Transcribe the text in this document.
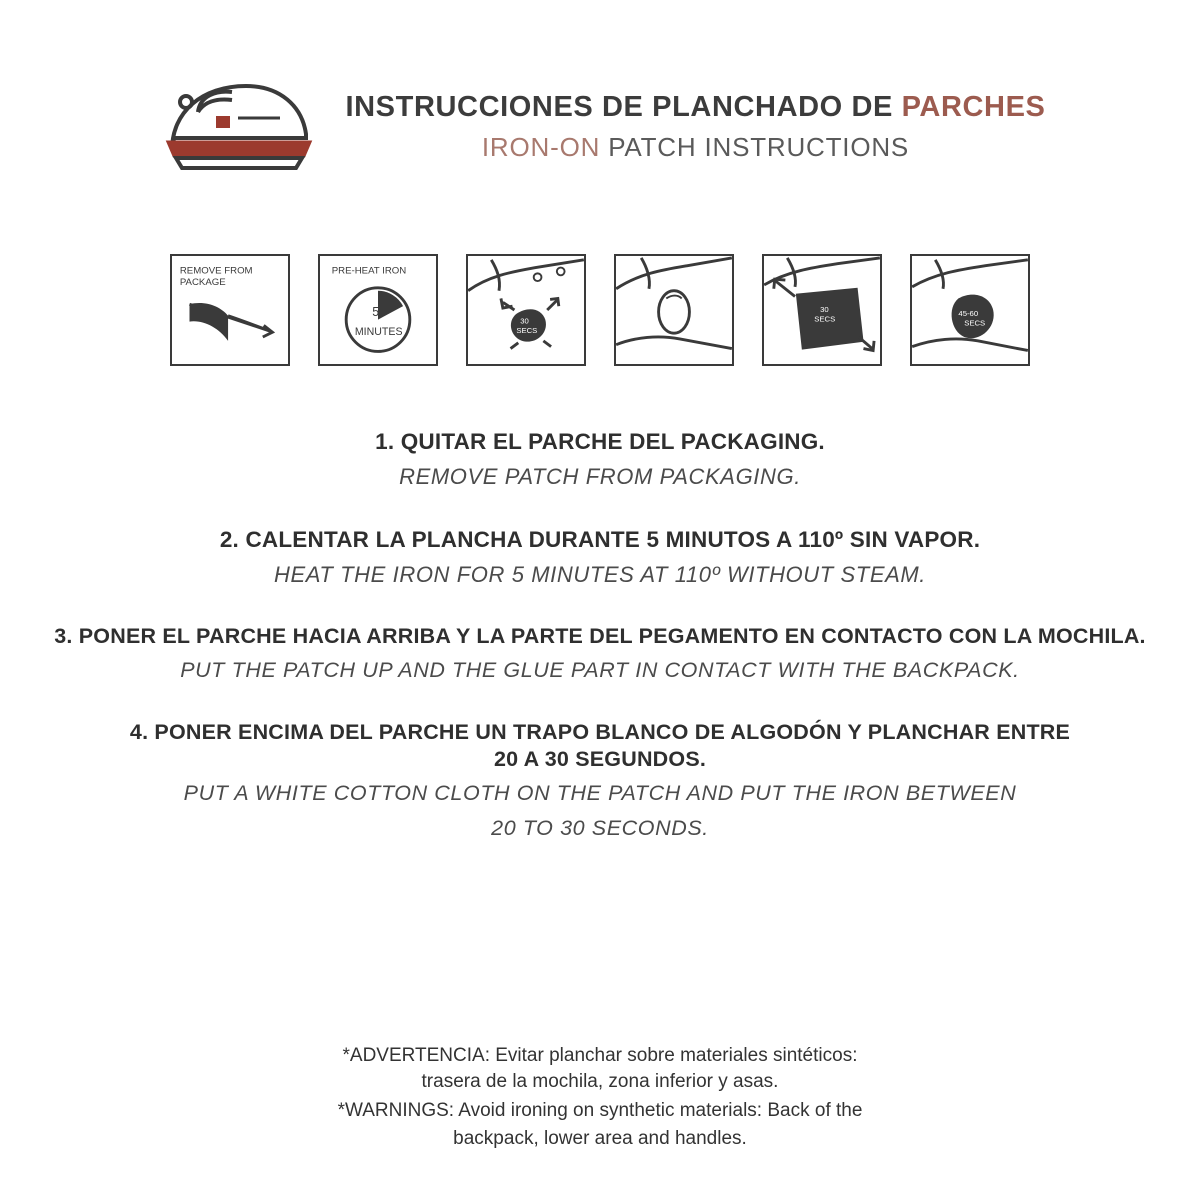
INSTRUCCIONES DE PLANCHADO DE PARCHES
IRON-ON PATCH INSTRUCTIONS
REMOVE FROM
PACKAGE
PRE-HEAT IRON
5
MINUTES
30
SECS
30
SECS
45-60
SECS
1. QUITAR EL PARCHE DEL PACKAGING.
REMOVE PATCH FROM PACKAGING.
2. CALENTAR LA PLANCHA DURANTE 5 MINUTOS A 110º SIN VAPOR.
HEAT THE IRON FOR 5 MINUTES AT 110º WITHOUT STEAM.
3. PONER EL PARCHE HACIA ARRIBA Y LA PARTE DEL PEGAMENTO EN CONTACTO CON LA MOCHILA.
PUT THE PATCH UP AND THE GLUE PART IN CONTACT WITH THE BACKPACK.
4. PONER ENCIMA DEL PARCHE UN TRAPO BLANCO DE ALGODÓN Y PLANCHAR ENTRE
20 A 30 SEGUNDOS.
PUT A WHITE COTTON CLOTH ON THE PATCH AND PUT THE IRON BETWEEN
20 TO 30 SECONDS.
*ADVERTENCIA: Evitar planchar sobre materiales sintéticos:
trasera de la mochila, zona inferior y asas.
*WARNINGS: Avoid ironing on synthetic materials: Back of the
backpack, lower area and handles.
